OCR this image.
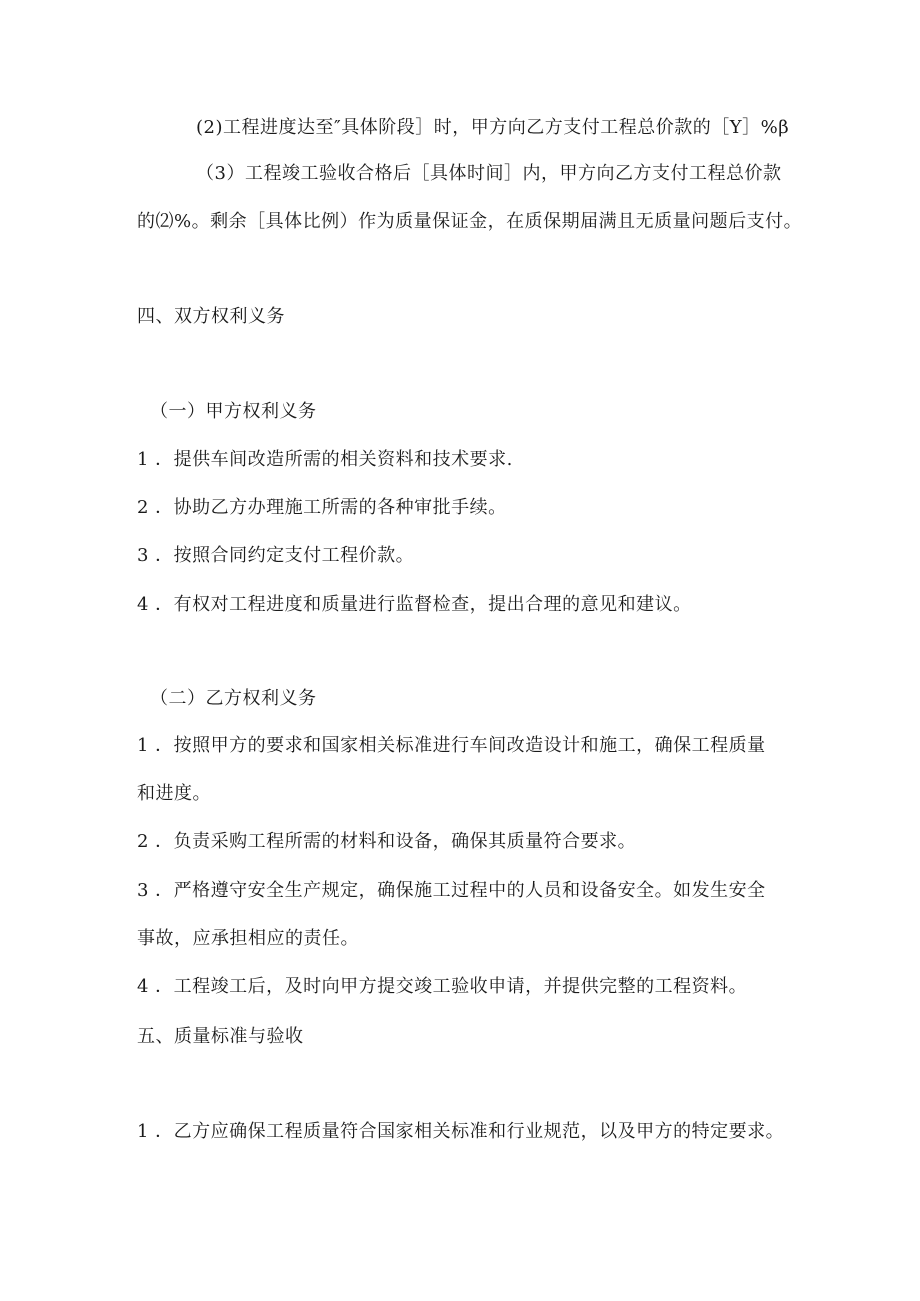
(2)工程进度达至″具体阶段］时，甲方向乙方支付工程总价款的［Y］%β
（3）工程竣工验收合格后［具体时间］内，甲方向乙方支付工程总价款
的⑵%。剩余［具体比例）作为质量保证金，在质保期届满且无质量问题后支付。
四、双方权利义务
（一）甲方权利义务
1 ．提供车间改造所需的相关资料和技术要求.
2 ．协助乙方办理施工所需的各种审批手续。
3 ．按照合同约定支付工程价款。
4 ．有权对工程进度和质量进行监督检查，提出合理的意见和建议。
（二）乙方权利义务
1 ．按照甲方的要求和国家相关标准进行车间改造设计和施工，确保工程质量
和进度。
2 ．负责采购工程所需的材料和设备，确保其质量符合要求。
3 ．严格遵守安全生产规定，确保施工过程中的人员和设备安全。如发生安全
事故，应承担相应的责任。
4 ．工程竣工后，及时向甲方提交竣工验收申请，并提供完整的工程资料。
五、质量标准与验收
1 ．乙方应确保工程质量符合国家相关标准和行业规范，以及甲方的特定要求。
